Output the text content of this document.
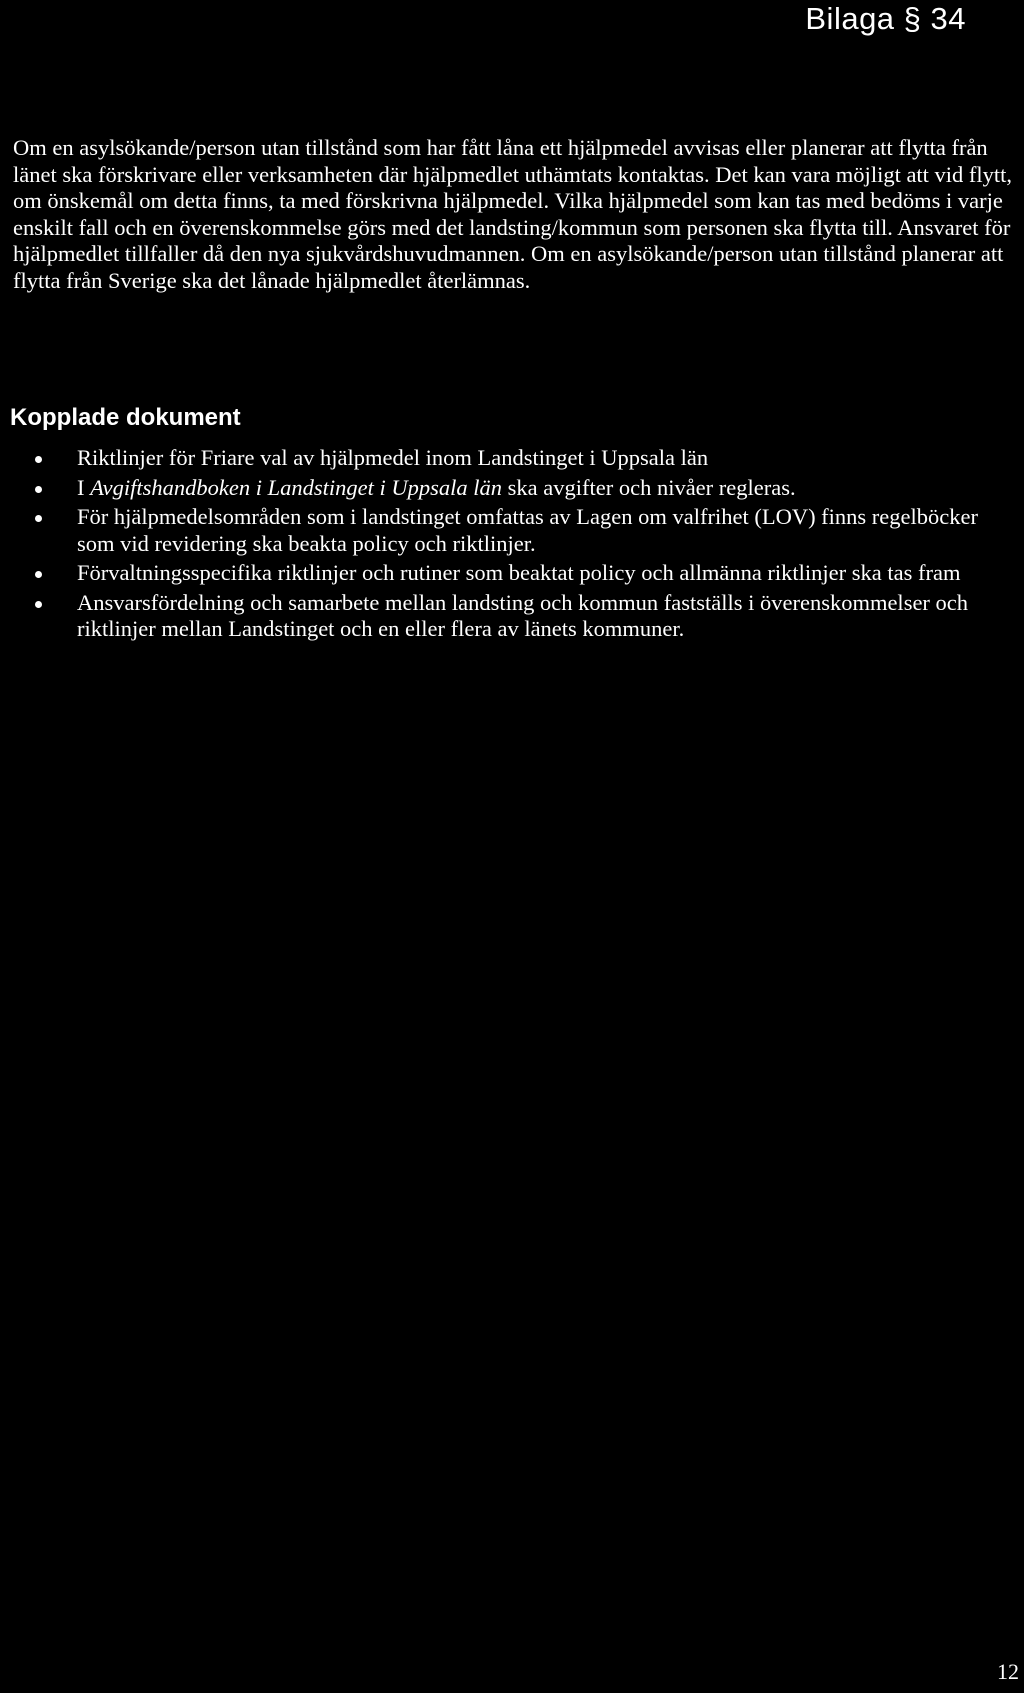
Bilaga § 34

Om en asylsökande/person utan tillstånd som har fått låna ett hjälpmedel avvisas eller planerar att flytta från länet ska förskrivare eller verksamheten där hjälpmedlet uthämtats kontaktas. Det kan vara möjligt att vid flytt, om önskemål om detta finns, ta med förskrivna hjälpmedel. Vilka hjälpmedel som kan tas med bedöms i varje enskilt fall och en överenskommelse görs med det landsting/kommun som personen ska flytta till. Ansvaret för hjälpmedlet tillfaller då den nya sjukvårdshuvudmannen. Om en asylsökande/person utan tillstånd planerar att flytta från Sverige ska det lånade hjälpmedlet återlämnas.

Kopplade dokument
Riktlinjer för Friare val av hjälpmedel inom Landstinget i Uppsala län
I Avgiftshandboken i Landstinget i Uppsala län ska avgifter och nivåer regleras.
För hjälpmedelsområden som i landstinget omfattas av Lagen om valfrihet (LOV) finns regelböcker som vid revidering ska beakta policy och riktlinjer.
Förvaltningsspecifika riktlinjer och rutiner som beaktat policy och allmänna riktlinjer ska tas fram
Ansvarsfördelning och samarbete mellan landsting och kommun fastställs i överenskommelser och riktlinjer mellan Landstinget och en eller flera av länets kommuner.
12
